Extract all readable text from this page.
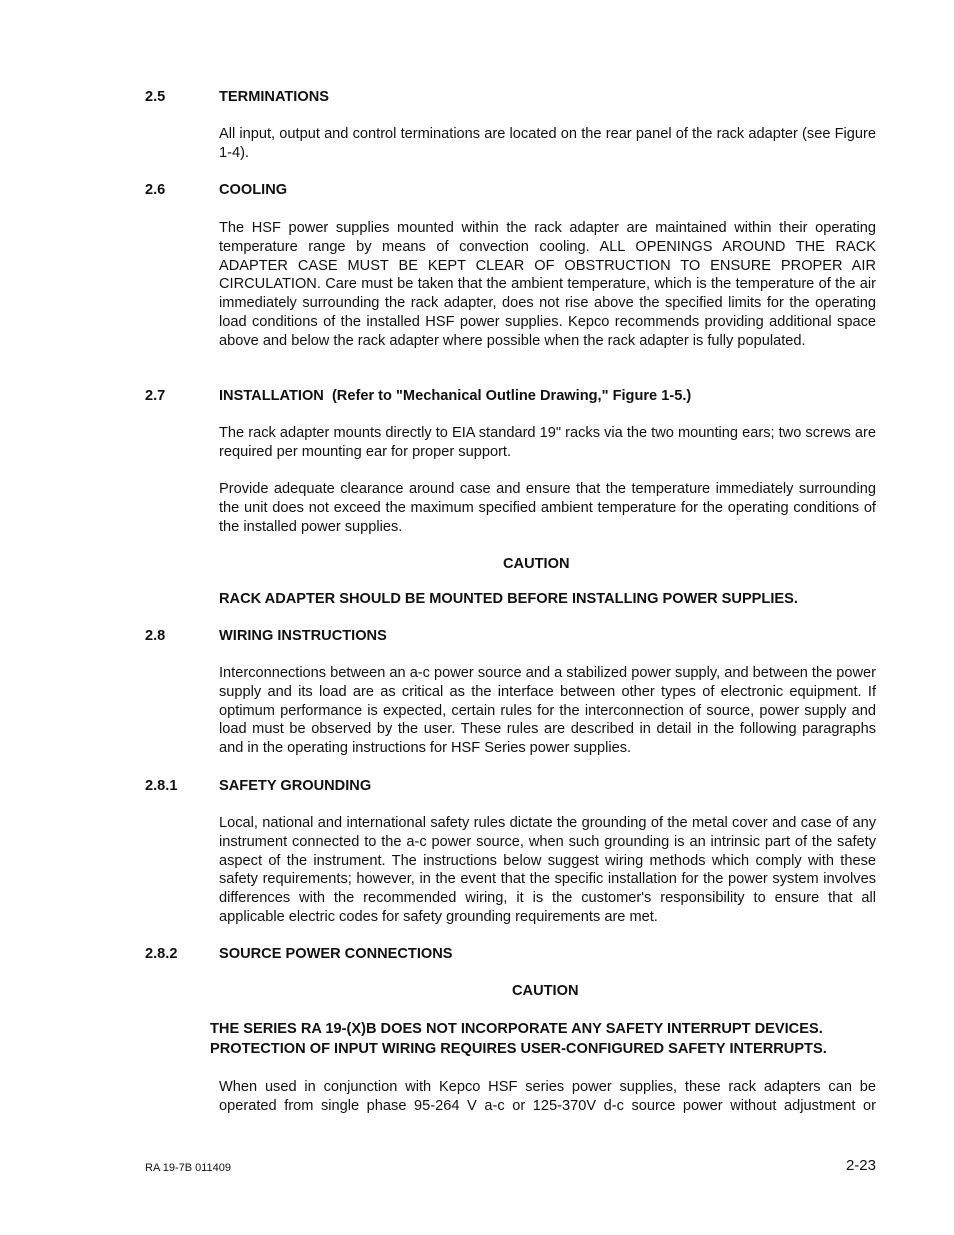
2.5	TERMINATIONS
All input, output and control terminations are located on the rear panel of the rack adapter (see Figure 1-4).
2.6	COOLING
The HSF power supplies mounted within the rack adapter are maintained within their operating temperature range by means of convection cooling. ALL OPENINGS AROUND THE RACK ADAPTER CASE MUST BE KEPT CLEAR OF OBSTRUCTION TO ENSURE PROPER AIR CIRCULATION. Care must be taken that the ambient temperature, which is the temperature of the air immediately surrounding the rack adapter, does not rise above the specified limits for the operating load conditions of the installed HSF power supplies. Kepco recommends providing additional space above and below the rack adapter where possible when the rack adapter is fully populated.
2.7	INSTALLATION  (Refer to "Mechanical Outline Drawing," Figure 1-5.)
The rack adapter mounts directly to EIA standard 19" racks via the two mounting ears; two screws are required per mounting ear for proper support.
Provide adequate clearance around case and ensure that the temperature immediately surrounding the unit does not exceed the maximum specified ambient temperature for the operating conditions of the installed power supplies.
CAUTION
RACK ADAPTER SHOULD BE MOUNTED BEFORE INSTALLING POWER SUPPLIES.
2.8	WIRING INSTRUCTIONS
Interconnections between an a-c power source and a stabilized power supply, and between the power supply and its load are as critical as the interface between other types of electronic equipment. If optimum performance is expected, certain rules for the interconnection of source, power supply and load must be observed by the user. These rules are described in detail in the following paragraphs and in the operating instructions for HSF Series power supplies.
2.8.1	SAFETY GROUNDING
Local, national and international safety rules dictate the grounding of the metal cover and case of any instrument connected to the a-c power source, when such grounding is an intrinsic part of the safety aspect of the instrument. The instructions below suggest wiring methods which comply with these safety requirements; however, in the event that the specific installation for the power system involves differences with the recommended wiring, it is the customer's responsibility to ensure that all applicable electric codes for safety grounding requirements are met.
2.8.2	SOURCE POWER CONNECTIONS
CAUTION
THE SERIES RA 19-(X)B DOES NOT INCORPORATE ANY SAFETY INTERRUPT DEVICES.
PROTECTION OF INPUT WIRING REQUIRES USER-CONFIGURED SAFETY INTERRUPTS.
When used in conjunction with Kepco HSF series power supplies, these rack adapters can be operated from single phase 95-264 V a-c or 125-370V d-c source power without adjustment or
RA 19-7B 011409	2-23
